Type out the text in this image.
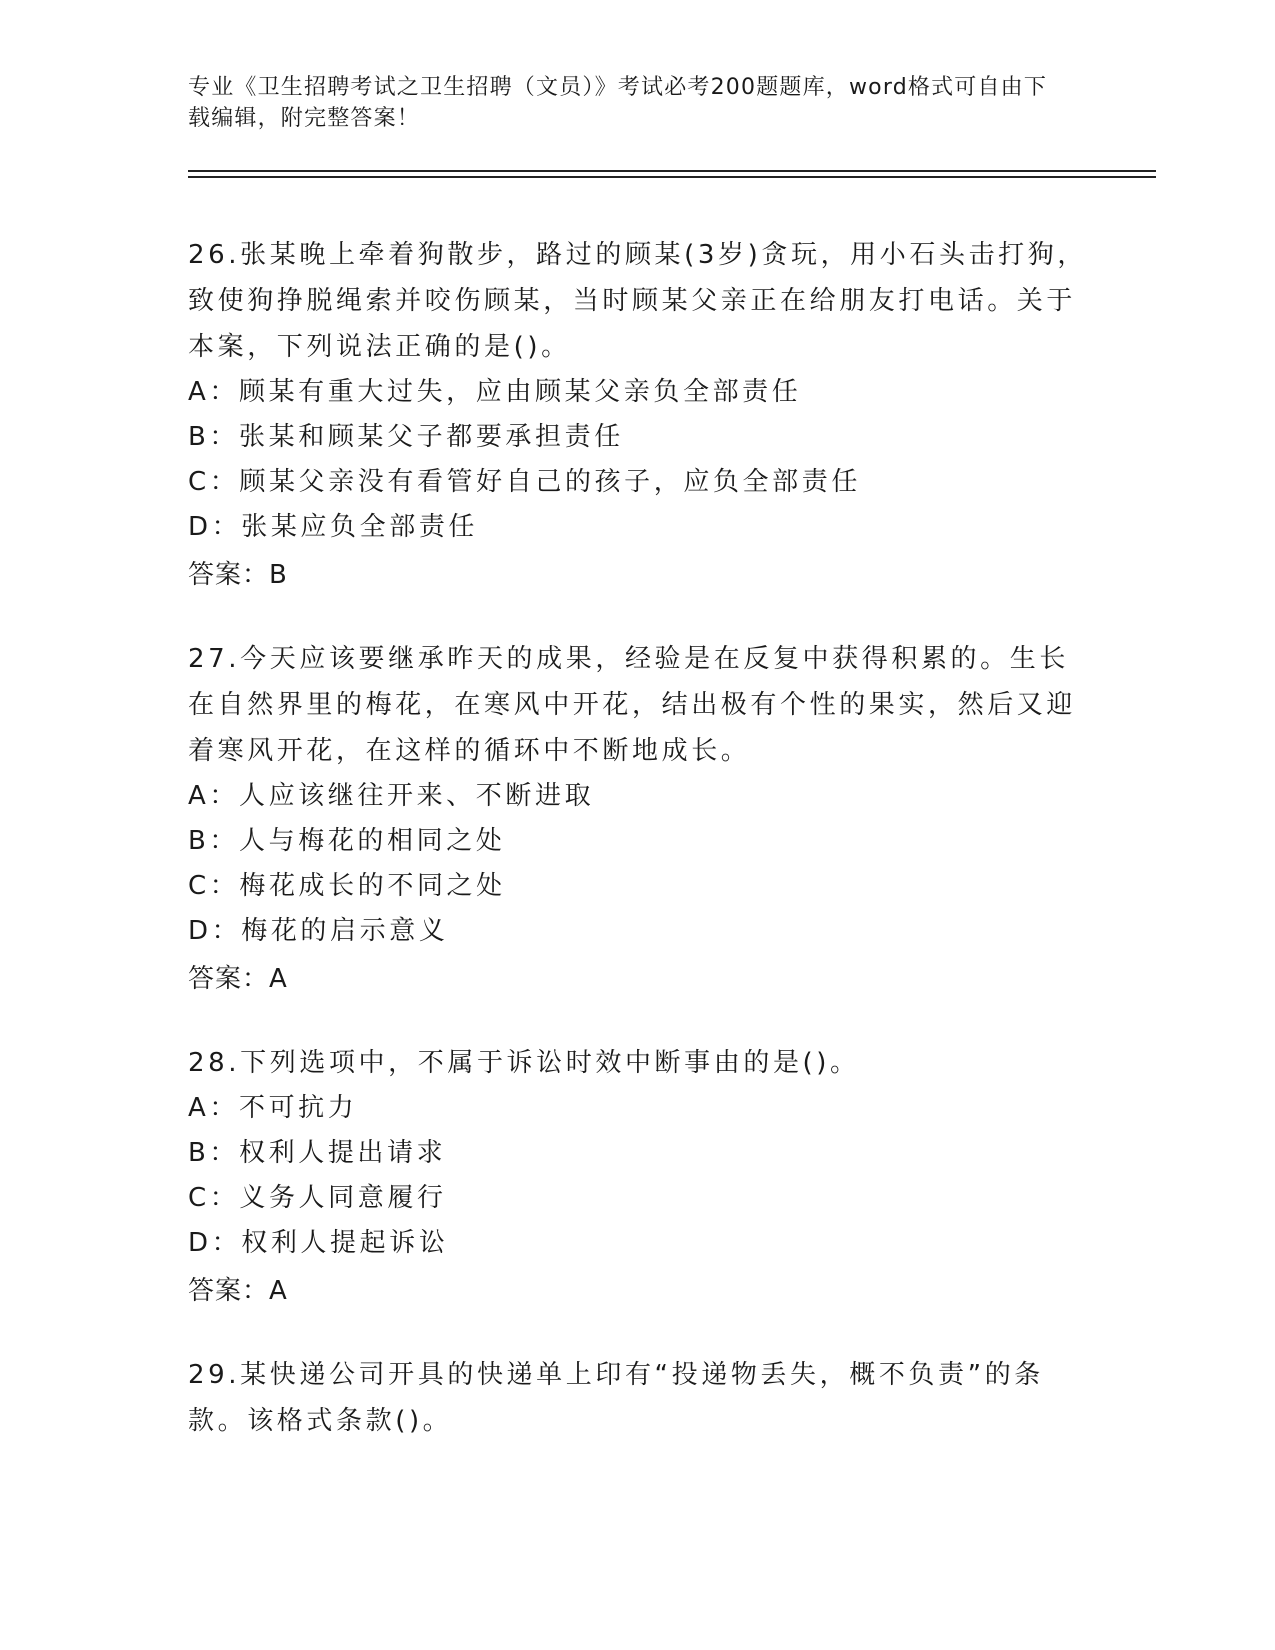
专业《卫生招聘考试之卫生招聘（文员）》考试必考200题题库，word格式可自由下载编辑，附完整答案！

26.张某晚上牵着狗散步，路过的顾某(3岁)贪玩，用小石头击打狗，致使狗挣脱绳索并咬伤顾某，当时顾某父亲正在给朋友打电话。关于本案，下列说法正确的是()。

A：顾某有重大过失，应由顾某父亲负全部责任

B：张某和顾某父子都要承担责任

C：顾某父亲没有看管好自己的孩子，应负全部责任

D：张某应负全部责任

答案：B

27.今天应该要继承昨天的成果，经验是在反复中获得积累的。生长在自然界里的梅花，在寒风中开花，结出极有个性的果实，然后又迎着寒风开花，在这样的循环中不断地成长。

A：人应该继往开来、不断进取

B：人与梅花的相同之处

C：梅花成长的不同之处

D：梅花的启示意义

答案：A

28.下列选项中，不属于诉讼时效中断事由的是()。

A：不可抗力

B：权利人提出请求

C：义务人同意履行

D：权利人提起诉讼

答案：A

29.某快递公司开具的快递单上印有“投递物丢失，概不负责”的条款。该格式条款()。
